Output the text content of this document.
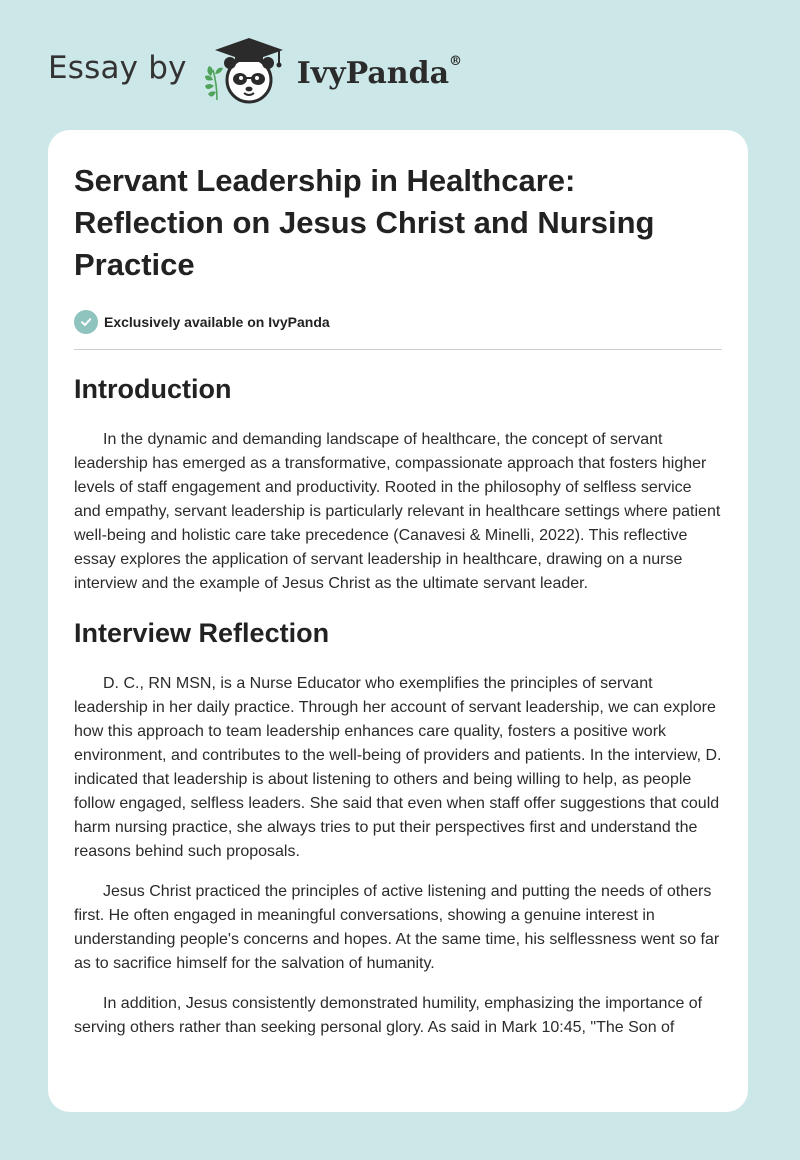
Essay by	IvyPanda®
Servant Leadership in Healthcare: Reflection on Jesus Christ and Nursing Practice
Exclusively available on IvyPanda
Introduction

In the dynamic and demanding landscape of healthcare, the concept of servant leadership has emerged as a transformative, compassionate approach that fosters higher levels of staff engagement and productivity. Rooted in the philosophy of selfless service and empathy, servant leadership is particularly relevant in healthcare settings where patient well-being and holistic care take precedence (Canavesi & Minelli, 2022). This reflective essay explores the application of servant leadership in healthcare, drawing on a nurse interview and the example of Jesus Christ as the ultimate servant leader.

Interview Reflection

D. C., RN MSN, is a Nurse Educator who exemplifies the principles of servant leadership in her daily practice. Through her account of servant leadership, we can explore how this approach to team leadership enhances care quality, fosters a positive work environment, and contributes to the well-being of providers and patients. In the interview, D. indicated that leadership is about listening to others and being willing to help, as people follow engaged, selfless leaders. She said that even when staff offer suggestions that could harm nursing practice, she always tries to put their perspectives first and understand the reasons behind such proposals.

Jesus Christ practiced the principles of active listening and putting the needs of others first. He often engaged in meaningful conversations, showing a genuine interest in understanding people's concerns and hopes. At the same time, his selflessness went so far as to sacrifice himself for the salvation of humanity.

In addition, Jesus consistently demonstrated humility, emphasizing the importance of serving others rather than seeking personal glory. As said in Mark 10:45, "The Son of
